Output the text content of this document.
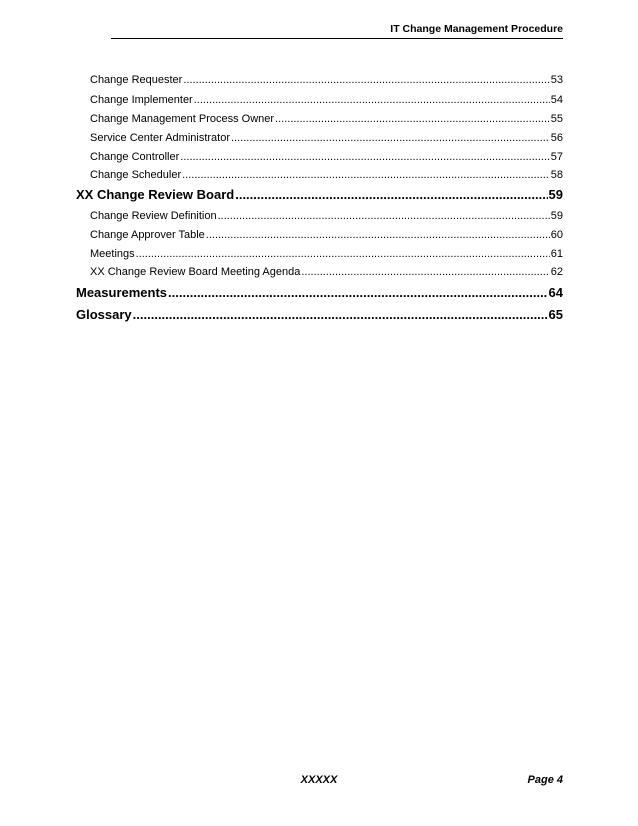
IT Change Management Procedure
Change Requester .....	53
Change Implementer .....	54
Change Management Process Owner .....	55
Service Center Administrator .....	56
Change Controller .....	57
Change Scheduler .....	58
XX Change Review Board .....	59
Change Review Definition .....	59
Change Approver Table .....	60
Meetings .....	61
XX Change Review Board Meeting Agenda .....	62
Measurements .....	64
Glossary .....	65
XXXXX	Page 4
